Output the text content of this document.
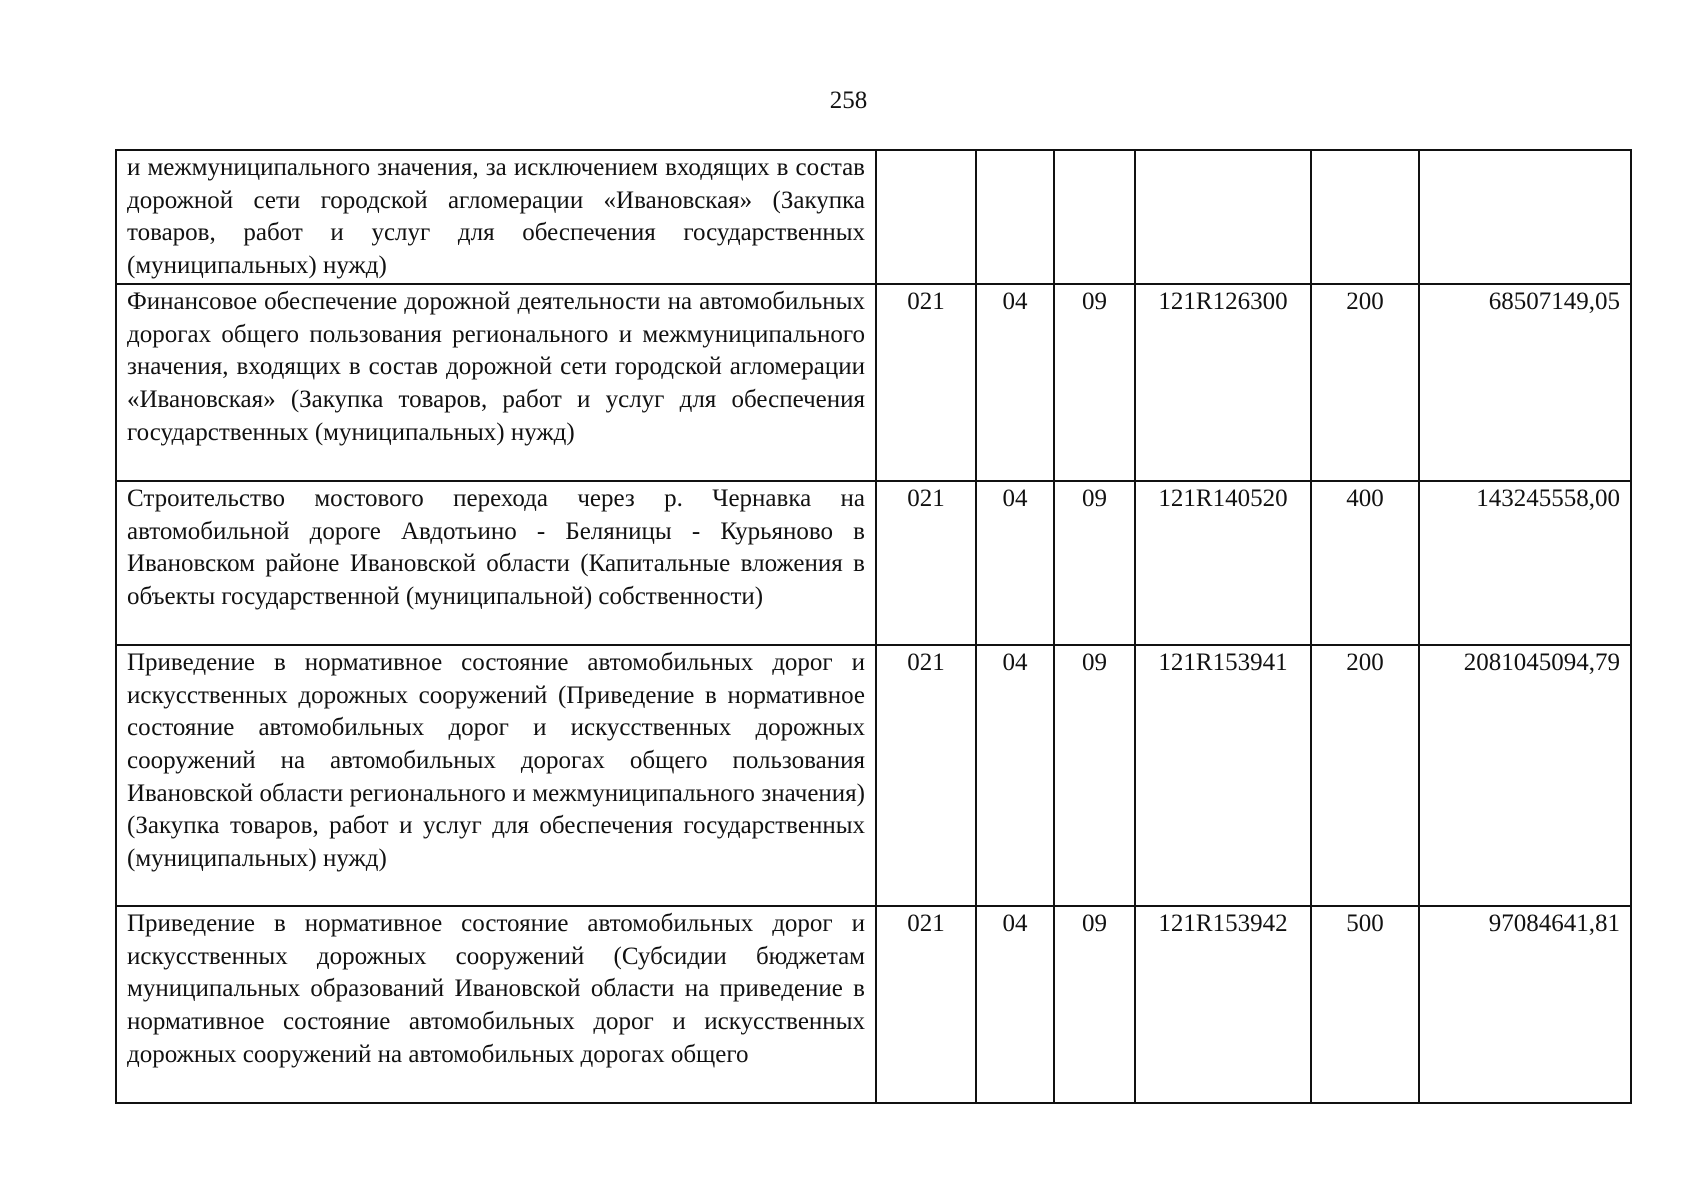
258
и межмуниципального значения, за исключением входящих в состав дорожной сети городской агломерации «Ивановская» (Закупка товаров, работ и услуг для обеспечения государственных (муниципальных) нужд)						
Финансовое обеспечение дорожной деятельности на автомобильных дорогах общего пользования регионального и межмуниципального значения, входящих в состав дорожной сети городской агломерации «Ивановская» (Закупка товаров, работ и услуг для обеспечения государственных (муниципальных) нужд)	021	04	09	121R126300	200	68507149,05
Строительство мостового перехода через р. Чернавка на автомобильной дороге Авдотьино - Беляницы - Курьяново в Ивановском районе Ивановской области (Капитальные вложения в объекты государственной (муниципальной) собственности)	021	04	09	121R140520	400	143245558,00
Приведение в нормативное состояние автомобильных дорог и искусственных дорожных сооружений (Приведение в нормативное состояние автомобильных дорог и искусственных дорожных сооружений на автомобильных дорогах общего пользования Ивановской области регионального и межмуниципального значения) (Закупка товаров, работ и услуг для обеспечения государственных (муниципальных) нужд)	021	04	09	121R153941	200	2081045094,79
Приведение в нормативное состояние автомобильных дорог и искусственных дорожных сооружений (Субсидии бюджетам муниципальных образований Ивановской области на приведение в нормативное состояние автомобильных дорог и искусственных дорожных сооружений на автомобильных дорогах общего	021	04	09	121R153942	500	97084641,81
